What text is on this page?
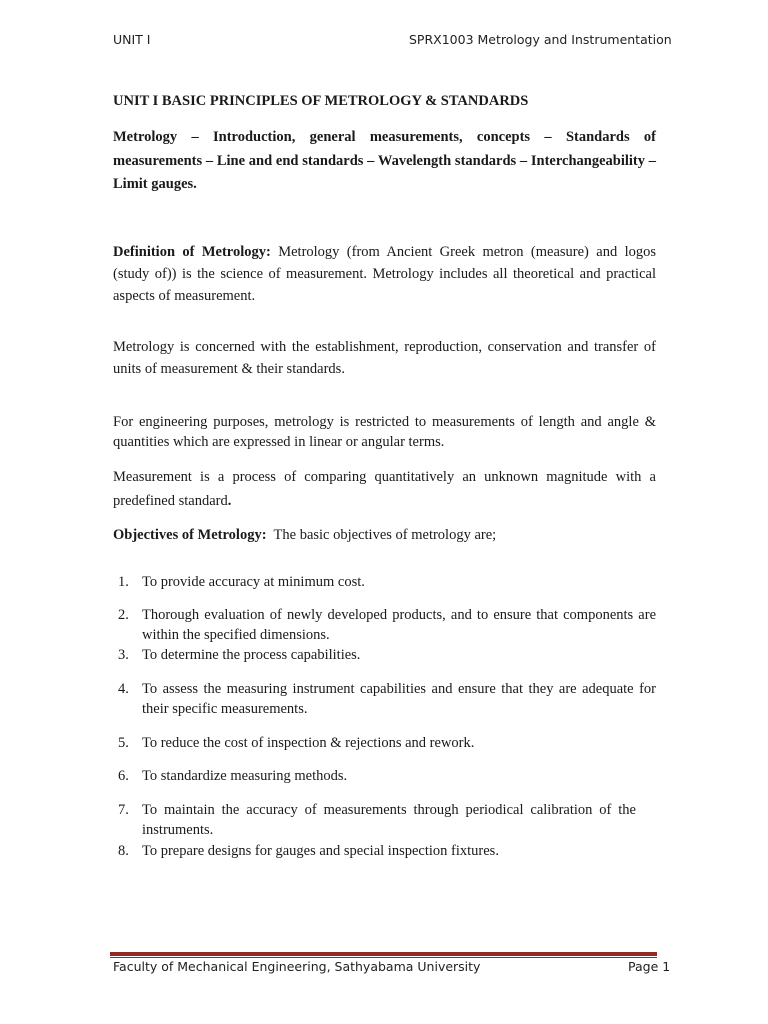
UNIT I	SPRX1003 Metrology and Instrumentation
UNIT I BASIC PRINCIPLES OF METROLOGY & STANDARDS
Metrology – Introduction, general measurements, concepts – Standards of measurements – Line and end standards – Wavelength standards – Interchangeability – Limit gauges.
Definition of Metrology: Metrology (from Ancient Greek metron (measure) and logos (study of)) is the science of measurement. Metrology includes all theoretical and practical aspects of measurement.
Metrology is concerned with the establishment, reproduction, conservation and transfer of units of measurement & their standards.
For engineering purposes, metrology is restricted to measurements of length and angle & quantities which are expressed in linear or angular terms.
Measurement is a process of comparing quantitatively an unknown magnitude with a predefined standard.
Objectives of Metrology:  The basic objectives of metrology are;
1. To provide accuracy at minimum cost.
2. Thorough evaluation of newly developed products, and to ensure that components are within the specified dimensions.
3. To determine the process capabilities.
4. To assess the measuring instrument capabilities and ensure that they are adequate for their specific measurements.
5. To reduce the cost of inspection & rejections and rework.
6. To standardize measuring methods.
7. To maintain the accuracy of measurements through periodical calibration of the instruments.
8. To prepare designs for gauges and special inspection fixtures.
Faculty of Mechanical Engineering, Sathyabama University	Page 1
